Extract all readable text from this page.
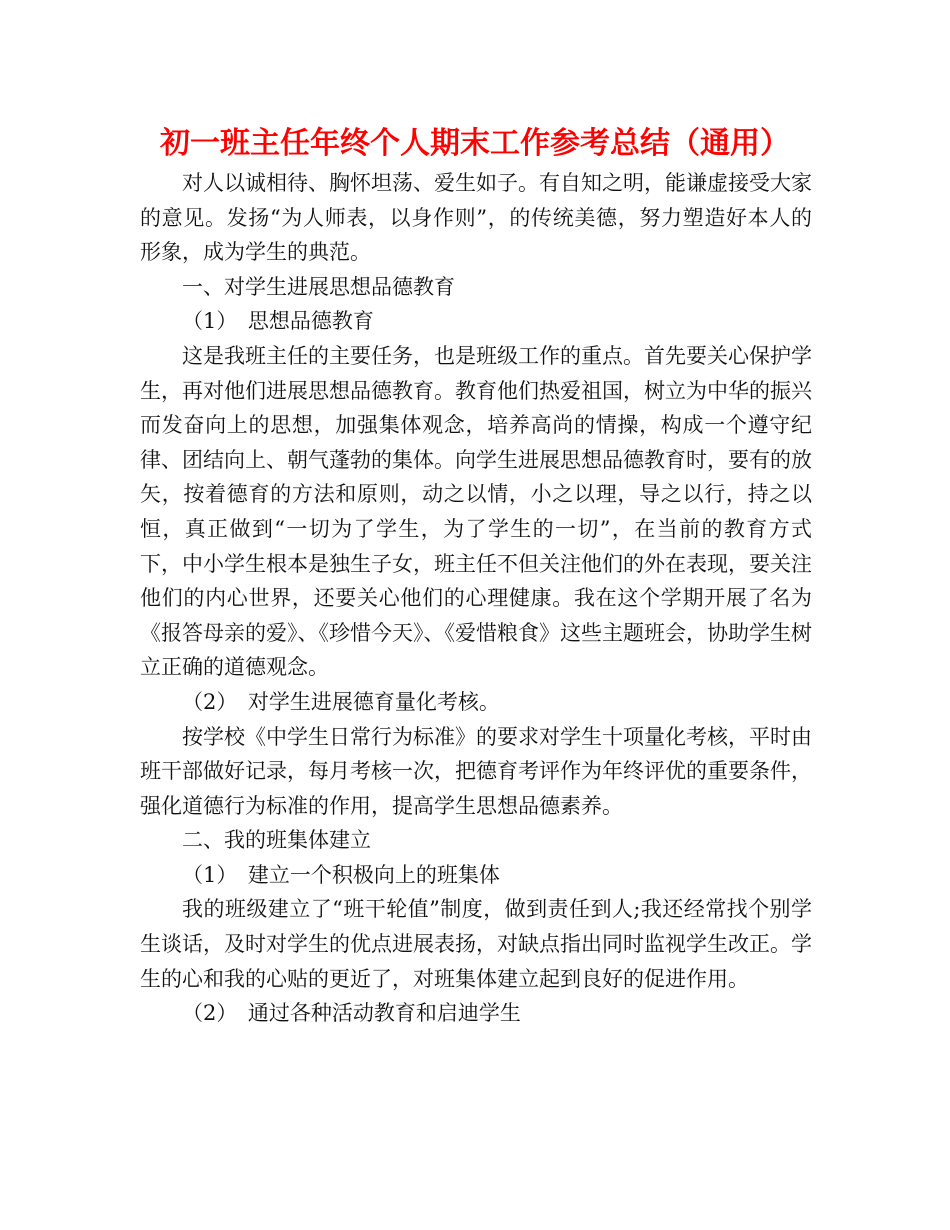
初一班主任年终个人期末工作参考总结（通用）

对人以诚相待、胸怀坦荡、爱生如子。有自知之明，能谦虚接受大家的意见。发扬“为人师表，以身作则”，的传统美德，努力塑造好本人的形象，成为学生的典范。

一、对学生进展思想品德教育

（1）　思想品德教育

这是我班主任的主要任务，也是班级工作的重点。首先要关心保护学生，再对他们进展思想品德教育。教育他们热爱祖国，树立为中华的振兴而发奋向上的思想，加强集体观念，培养高尚的情操，构成一个遵守纪律、团结向上、朝气蓬勃的集体。向学生进展思想品德教育时，要有的放矢，按着德育的方法和原则，动之以情，小之以理，导之以行，持之以恒，真正做到“一切为了学生，为了学生的一切”，在当前的教育方式下，中小学生根本是独生子女，班主任不但关注他们的外在表现，要关注他们的内心世界，还要关心他们的心理健康。我在这个学期开展了名为《报答母亲的爱》、《珍惜今天》、《爱惜粮食》这些主题班会，协助学生树立正确的道德观念。

（2）　对学生进展德育量化考核。

按学校《中学生日常行为标准》的要求对学生十项量化考核，平时由班干部做好记录，每月考核一次，把德育考评作为年终评优的重要条件，强化道德行为标准的作用，提高学生思想品德素养。

二、我的班集体建立

（1）　建立一个积极向上的班集体

我的班级建立了“班干轮值”制度，做到责任到人;我还经常找个别学生谈话，及时对学生的优点进展表扬，对缺点指出同时监视学生改正。学生的心和我的心贴的更近了，对班集体建立起到良好的促进作用。

（2）　通过各种活动教育和启迪学生
